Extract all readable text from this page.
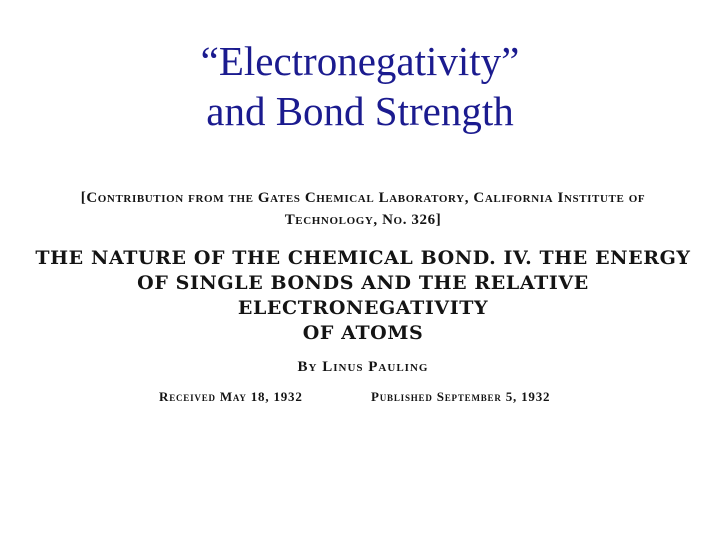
“Electronegativity”
and Bond Strength
[Contribution from the Gates Chemical Laboratory, California Institute of
Technology, No. 326]
THE NATURE OF THE CHEMICAL BOND. IV. THE ENERGY
OF SINGLE BONDS AND THE RELATIVE ELECTRONEGATIVITY
OF ATOMS
By Linus Pauling
Received May 18, 1932	Published September 5, 1932
